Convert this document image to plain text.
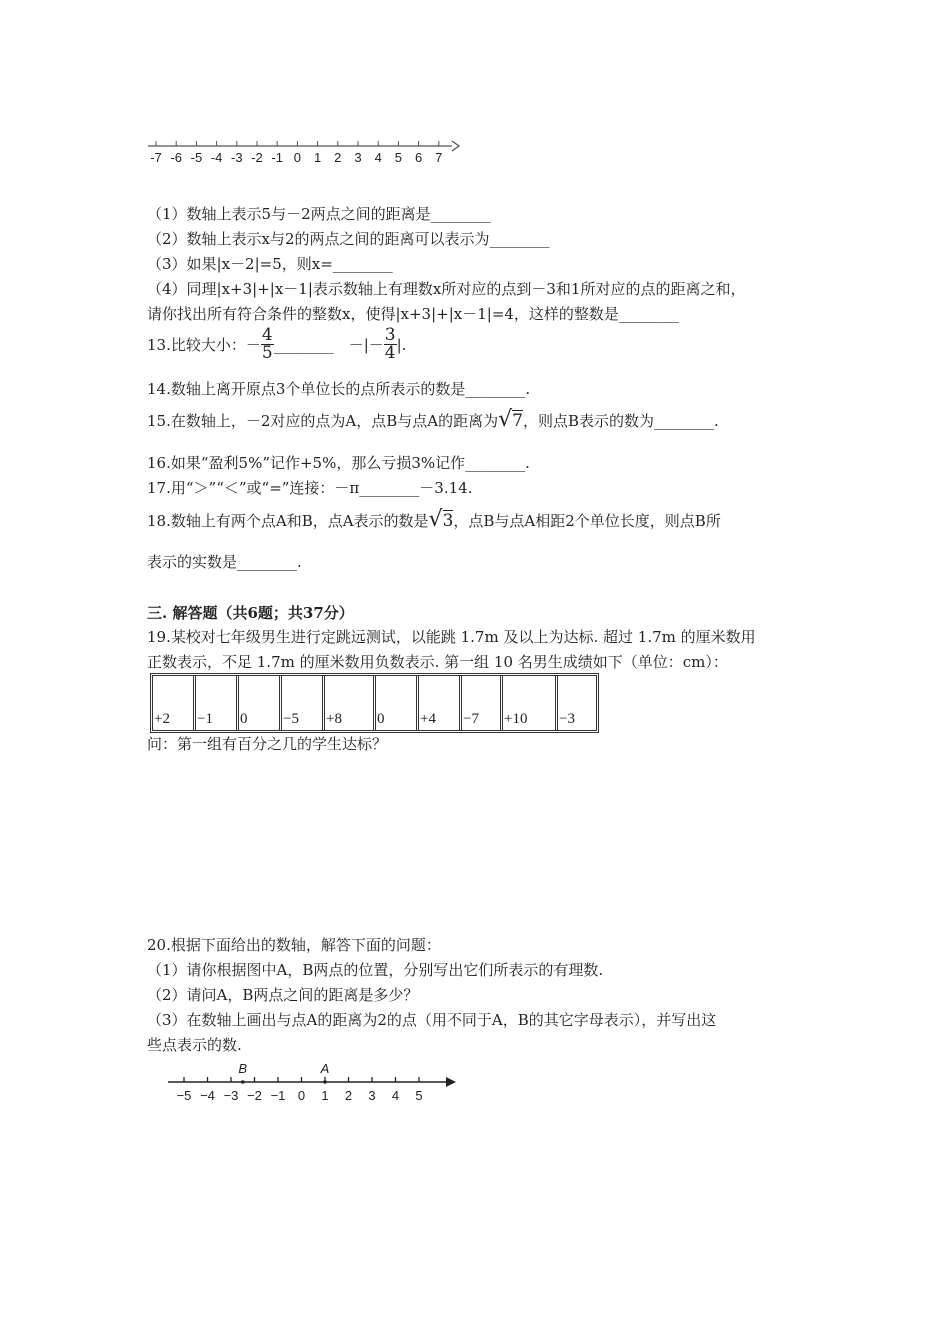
-7 -6 -5 -4 -3 -2 -1 0 1 2 3 4 5 6 7
（1）数轴上表示5与－2两点之间的距离是________
（2）数轴上表示x与2的两点之间的距离可以表示为________
（3）如果|x－2|=5，则x=________
（4）同理|x+3|+|x－1|表示数轴上有理数x所对应的点到－3和1所对应的点的距离之和，
请你找出所有符合条件的整数x，使得|x+3|+|x－1|=4，这样的整数是________
13.比较大小：－ $\frac{4}{5}$ ________　－|－ $\frac{3}{4}$ |.
14.数轴上离开原点3个单位长的点所表示的数是________.
15.在数轴上，－2对应的点为A，点B与点A的距离为 √7 ，则点B表示的数为________.
16.如果“盈利5%”记作+5%，那么亏损3%记作________.
17.用“＞”“＜”或“=”连接：－π________－3.14.
18.数轴上有两个点A和B，点A表示的数是 √3 ，点B与点A相距2个单位长度，则点B所
表示的实数是________.
三. 解答题（共6题；共37分）
19.某校对七年级男生进行定跳远测试，以能跳 1.7m 及以上为达标. 超过 1.7m 的厘米数用
正数表示，不足 1.7m 的厘米数用负数表示. 第一组 10 名男生成绩如下（单位：cm）：
+2 −1 0 −5 +8 0 +4 −7 +10 −3
问：第一组有百分之几的学生达标？
20.根据下面给出的数轴，解答下面的问题：
（1）请你根据图中A，B两点的位置，分别写出它们所表示的有理数.
（2）请问A，B两点之间的距离是多少？
（3）在数轴上画出与点A的距离为2的点（用不同于A，B的其它字母表示），并写出这
些点表示的数.
−5 −4 −3 −2 −1 0 1 2 3 4 5
B	A
